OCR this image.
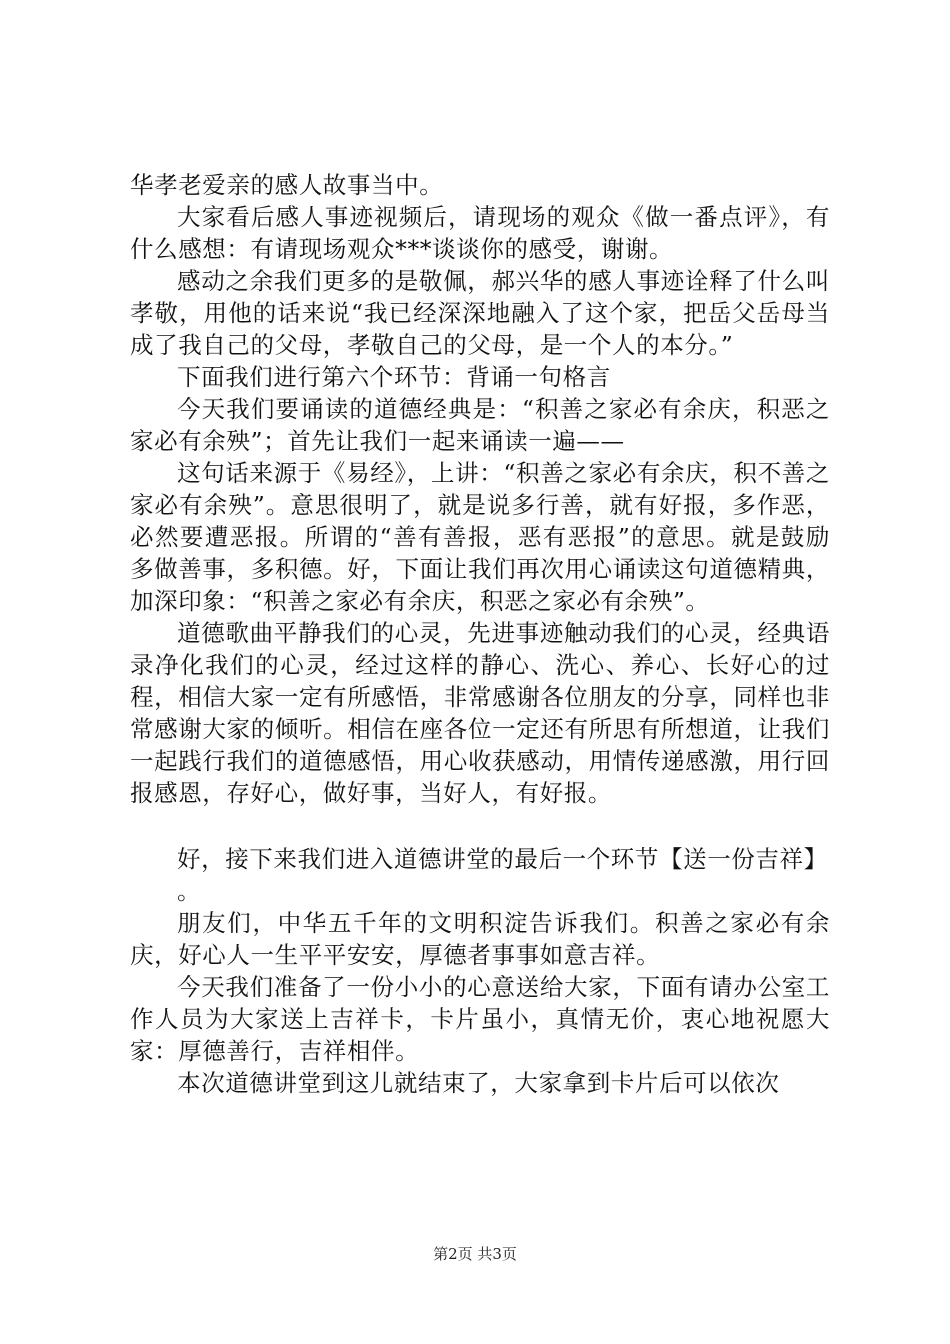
华孝老爱亲的感人故事当中。

大家看后感人事迹视频后，请现场的观众《做一番点评》，有什么感想：有请现场观众***谈谈你的感受，谢谢。

感动之余我们更多的是敬佩，郝兴华的感人事迹诠释了什么叫孝敬，用他的话来说“我已经深深地融入了这个家，把岳父岳母当成了我自己的父母，孝敬自己的父母，是一个人的本分。”

下面我们进行第六个环节：背诵一句格言

今天我们要诵读的道德经典是：“积善之家必有余庆，积恶之家必有余殃”；首先让我们一起来诵读一遍——

这句话来源于《易经》，上讲：“积善之家必有余庆，积不善之家必有余殃”。意思很明了，就是说多行善，就有好报，多作恶，必然要遭恶报。所谓的“善有善报，恶有恶报”的意思。就是鼓励多做善事，多积德。好，下面让我们再次用心诵读这句道德精典，加深印象：“积善之家必有余庆，积恶之家必有余殃”。

道德歌曲平静我们的心灵，先进事迹触动我们的心灵，经典语录净化我们的心灵，经过这样的静心、洗心、养心、长好心的过程，相信大家一定有所感悟，非常感谢各位朋友的分享，同样也非常感谢大家的倾听。相信在座各位一定还有所思有所想道，让我们一起践行我们的道德感悟，用心收获感动，用情传递感激，用行回报感恩，存好心，做好事，当好人，有好报。

好，接下来我们进入道德讲堂的最后一个环节【送一份吉祥】

。

朋友们，中华五千年的文明积淀告诉我们。积善之家必有余庆，好心人一生平平安安，厚德者事事如意吉祥。

今天我们准备了一份小小的心意送给大家，下面有请办公室工作人员为大家送上吉祥卡，卡片虽小，真情无价，衷心地祝愿大家：厚德善行，吉祥相伴。

本次道德讲堂到这儿就结束了，大家拿到卡片后可以依次

第2页 共3页
